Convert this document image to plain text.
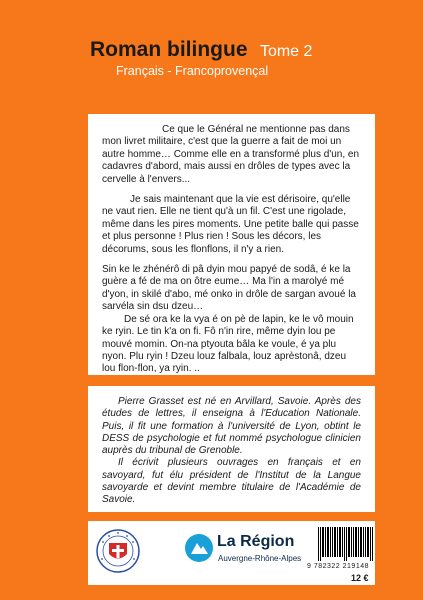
Roman bilingue Tome 2
Français - Francoprovençal

Ce que le Général ne mentionne pas dans mon livret militaire, c'est que la guerre a fait de moi un autre homme… Comme elle en a transformé plus d'un, en cadavres d'abord, mais aussi en drôles de types avec la cervelle à l'envers...

Je sais maintenant que la vie est dérisoire, qu'elle ne vaut rien. Elle ne tient qu'à un fil. C'est une rigolade, même dans les pires moments. Une petite balle qui passe et plus personne ! Plus rien ! Sous les décors, les décorums, sous les flonflons, il n'y a rien.

Sin ke le zhénérô di pâ dyin mou papyé de sodâ, é ke la guère a fé de ma on ôtre eume… Ma l'in a marolyé mé d'yon, in skilé d'abo, mé onko in drôle de sargan avoué la sarvéla sin dsu dzeu…

De sé ora ke la vya é on pè de lapin, ke le vô mouin ke ryin. Le tin k'a on fi. Fô n'in rire, même dyin lou pe mouvé momin. On-na ptyouta bâla ke voule, é ya plu nyon. Plu ryin ! Dzeu louz falbala, louz aprèstonâ, dzeu lou flon-flon, ya ryin. ..

Pierre Grasset est né en Arvillard, Savoie. Après des études de lettres, il enseigna à l'Education Nationale. Puis, il fit une formation à l'université de Lyon, obtint le DESS de psychologie et fut nommé psychologue clinicien auprès du tribunal de Grenoble.

Il écrivit plusieurs ouvrages en français et en savoyard, fut élu président de l'Institut de la Langue savoyarde et devint membre titulaire de l'Académie de Savoie.

La Région
Auvergne-Rhône-Alpes
9 782322 219148
12 €
